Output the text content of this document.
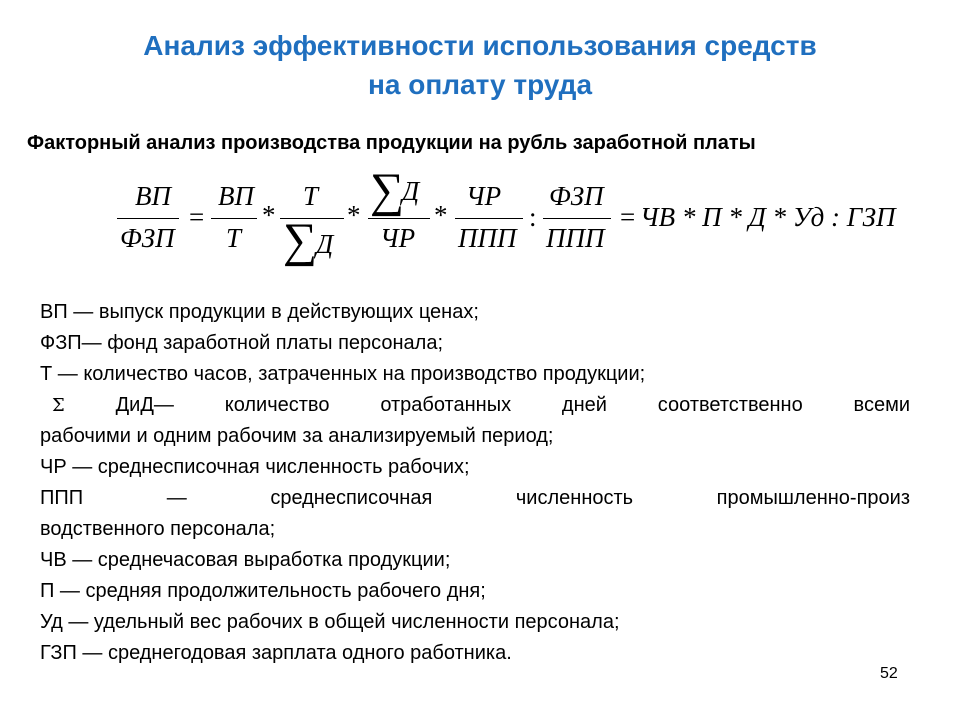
Анализ эффективности использования средств
на оплату труда
Факторный анализ производства продукции на рубль заработной платы
ВП
ФЗП
=
ВП
Т
*
Т
∑
Д
* ∑
Д
ЧР
*
ЧР
ППП
:
ФЗП
ППП
= ЧВ * П * Д * Уд : ГЗП
ВП — выпуск продукции в действующих ценах;
ФЗП— фонд заработной платы персонала;
Т — количество часов, затраченных на производство продукции;
Σ	ДиД— количество отработанных дней соответственно всеми
рабочими и одним рабочим за анализируемый период;
ЧР — среднесписочная численность рабочих;
ППП — среднесписочная численность промышленно-произ
водственного персонала;
ЧВ — среднечасовая выработка продукции;
П — средняя продолжительность рабочего дня;
Уд — удельный вес рабочих в общей численности персонала;
ГЗП — среднегодовая зарплата одного работника.
52
